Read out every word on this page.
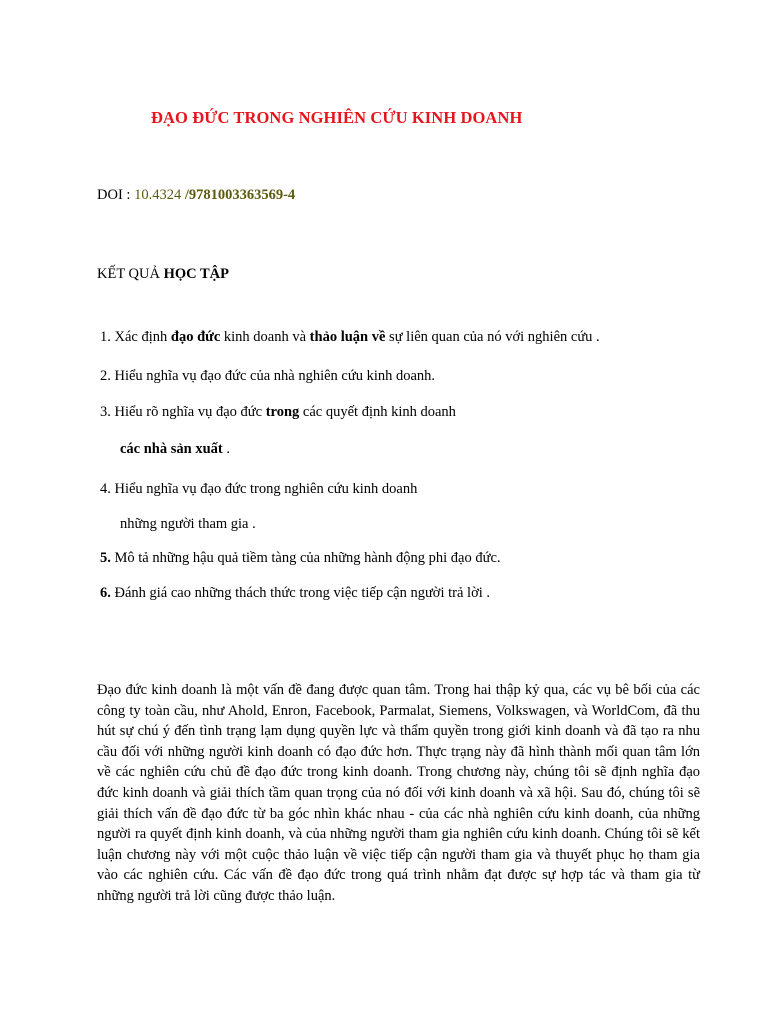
ĐẠO ĐỨC TRONG NGHIÊN CỨU KINH DOANH
DOI : 10.4324 /9781003363569-4
KẾT QUẢ HỌC TẬP
1. Xác định đạo đức kinh doanh và thảo luận về sự liên quan của nó với nghiên cứu .
2. Hiểu nghĩa vụ đạo đức của nhà nghiên cứu kinh doanh.
3. Hiểu rõ nghĩa vụ đạo đức trong các quyết định kinh doanh
các nhà sản xuất .
4. Hiểu nghĩa vụ đạo đức trong nghiên cứu kinh doanh
những người tham gia .
5. Mô tả những hậu quả tiềm tàng của những hành động phi đạo đức.
6. Đánh giá cao những thách thức trong việc tiếp cận người trả lời .
Đạo đức kinh doanh là một vấn đề đang được quan tâm. Trong hai thập kỷ qua, các vụ bê bối của các công ty toàn cầu, như Ahold, Enron, Facebook, Parmalat, Siemens, Volkswagen, và WorldCom, đã thu hút sự chú ý đến tình trạng lạm dụng quyền lực và thẩm quyền trong giới kinh doanh và đã tạo ra nhu cầu đối với những người kinh doanh có đạo đức hơn. Thực trạng này đã hình thành mối quan tâm lớn về các nghiên cứu chủ đề đạo đức trong kinh doanh. Trong chương này, chúng tôi sẽ định nghĩa đạo đức kinh doanh và giải thích tầm quan trọng của nó đối với kinh doanh và xã hội. Sau đó, chúng tôi sẽ giải thích vấn đề đạo đức từ ba góc nhìn khác nhau - của các nhà nghiên cứu kinh doanh, của những người ra quyết định kinh doanh, và của những người tham gia nghiên cứu kinh doanh. Chúng tôi sẽ kết luận chương này với một cuộc thảo luận về việc tiếp cận người tham gia và thuyết phục họ tham gia vào các nghiên cứu. Các vấn đề đạo đức trong quá trình nhằm đạt được sự hợp tác và tham gia từ những người trả lời cũng được thảo luận.
